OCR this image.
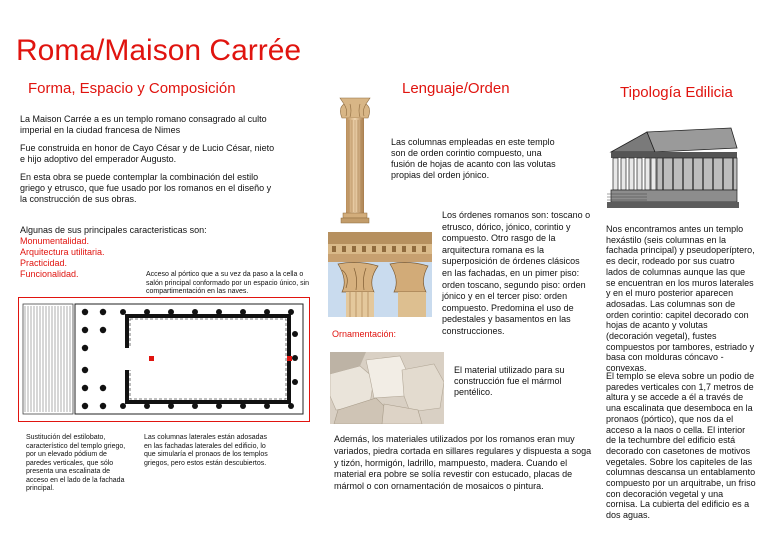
Roma/Maison Carrée
Forma, Espacio y Composición	Lenguaje/Orden	Tipología Edilicia

La Maison Carrée a es un templo romano consagrado al culto imperial en la ciudad francesa de Nimes

Fue construida en honor de Cayo César y de Lucio César, nieto e hijo adoptivo del emperador Augusto.

En esta obra se puede contemplar la combinación del estilo griego y etrusco, que fue usado por los romanos en el diseño y la construcción de sus obras.

Algunas de sus principales caracteristicas son:
Monumentalidad.
Arquitectura utilitaria.
Practicidad.
Funcionalidad.	Acceso al pórtico que a su vez da paso a la cella o salón principal conformado por un espacio único, sin compartimentación en las naves.
Sustitución del estilobato, característico del templo griego, por un elevado pódium de paredes verticales, que sólo presenta una escalinata de acceso en el lado de la fachada principal.
Las columnas laterales están adosadas en las fachadas laterales del edificio, lo que simularía el pronaos de los templos griegos, pero estos están descubiertos.
Las columnas empleadas en este templo son de orden corintio compuesto, una fusión de hojas de acanto con las volutas propias del orden jónico.
Los órdenes romanos son: toscano o etrusco, dórico, jónico, corintio y compuesto. Otro rasgo de la arquitectura romana es la superposición de órdenes clásicos en las fachadas, en un pimer piso: orden toscano, segundo piso: orden jónico y en el tercer piso: orden compuesto. Predomina el uso de pedestales y basamentos en las construcciones.
Ornamentación:
El material utilizado para su construcción fue el mármol pentélico.
Además, los materiales utilizados por los romanos eran muy variados, piedra cortada en sillares regulares y dispuesta a soga y tizón, hormigón, ladrillo, mampuesto, madera. Cuando el material era pobre se solía revestir con estucado, placas de mármol o con ornamentación de mosaicos o pintura.
Nos encontramos antes un templo hexástilo (seis columnas en la fachada principal) y pseudoperíptero, es decir, rodeado por sus cuatro lados de columnas aunque las que se encuentran en los muros laterales y en el muro posterior aparecen adosadas. Las columnas son de orden corintio: capitel decorado con hojas de acanto y volutas (decoración vegetal), fustes compuestos por tambores, estriado y basa con molduras cóncavo - convexas.
El templo se eleva sobre un podio de paredes verticales con 1,7 metros de altura y se accede a él a través de una escalinata que desemboca en la pronaos (pórtico), que nos da el acceso a la naos o cella. El interior de la techumbre del edificio está decorado con casetones de motivos vegetales. Sobre los capiteles de las columnas descansa un entablamento compuesto por un arquitrabe, un friso con decoración vegetal y una cornisa. La cubierta del edificio es a dos aguas.
